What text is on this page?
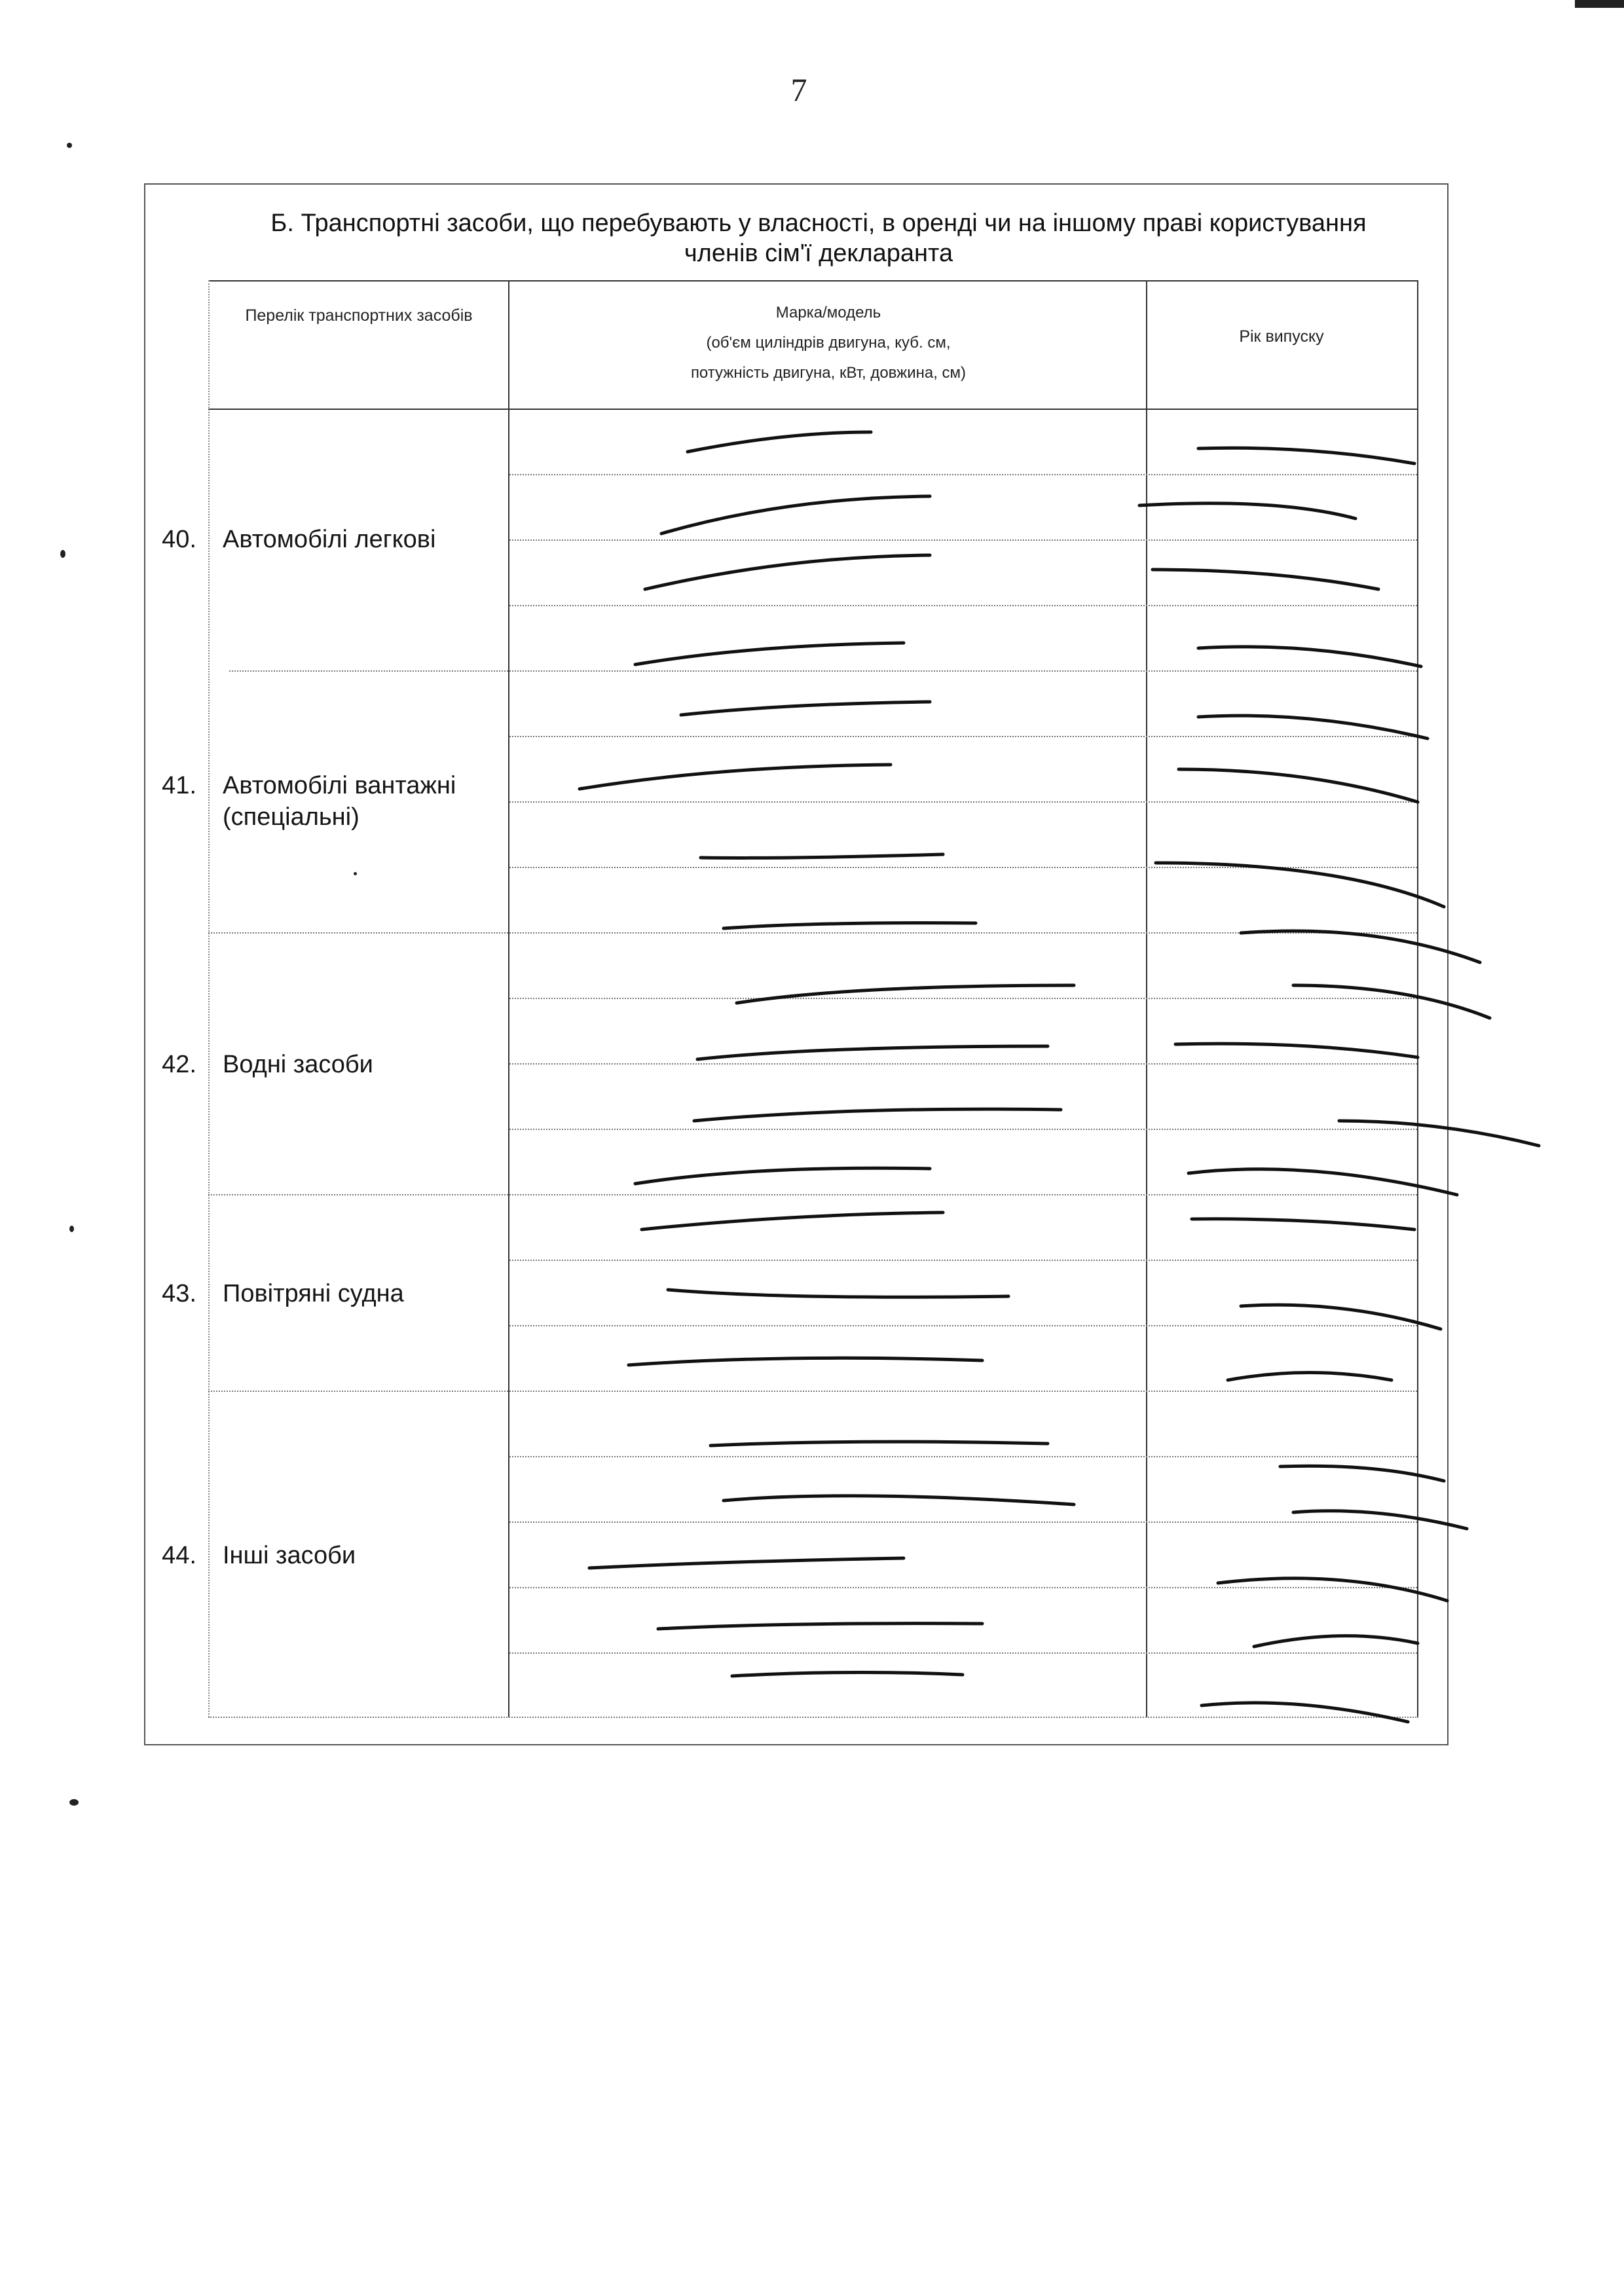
7
Б. Транспортні засоби, що перебувають у власності, в оренді чи на іншому праві користування членів сім'ї декларанта
Перелік транспортних засобів	Марка/модель
(об'єм циліндрів двигуна, куб. см,
потужність двигуна, кВт, довжина, см)
Рік випуску
40. Автомобілі легкові
41. Автомобілі вантажні (спеціальні)
42. Водні засоби
43. Повітряні судна
44. Інші засоби
